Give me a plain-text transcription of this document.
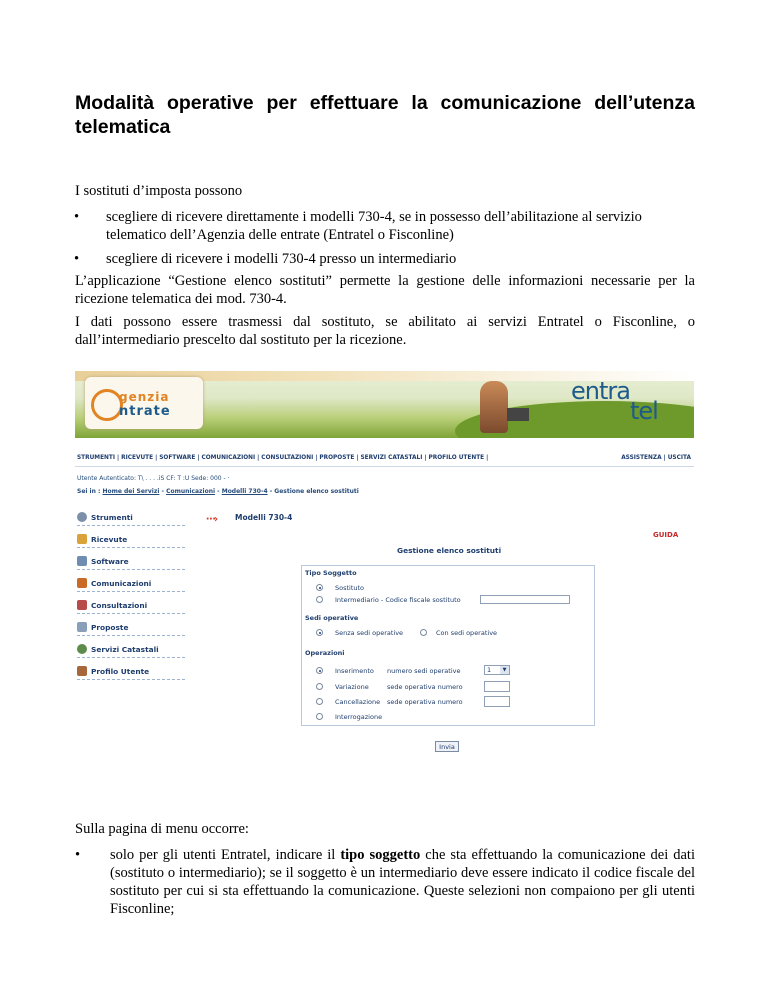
Modalità operative per effettuare la comunicazione dell’utenza telematica
I sostituti d’imposta possono
• scegliere di ricevere direttamente i modelli 730-4, se in possesso dell’abilitazione al servizio telematico dell’Agenzia delle entrate (Entratel o Fisconline)
• scegliere di ricevere i modelli 730-4 presso un intermediario
L’applicazione “Gestione elenco sostituti” permette la gestione delle informazioni necessarie per la ricezione telematica dei mod. 730-4.
I dati possono essere trasmessi dal sostituto, se abilitato ai servizi Entratel o Fisconline, o dall’intermediario prescelto dal sostituto per la ricezione.
genzia
ntrate
entra
tel
STRUMENTI | RICEVUTE | SOFTWARE | COMUNICAZIONI | CONSULTAZIONI | PROPOSTE | SERVIZI CATASTALI | PROFILO UTENTE |	ASSISTENZA | USCITA
Utente Autenticato: T\ . . . .iS CF: T :U Sede: 000 - ·
Sei in : Home dei Servizi - Comunicazioni - Modelli 730-4 - Gestione elenco sostituti
Strumenti
Ricevute
Software
Comunicazioni
Consultazioni
Proposte
Servizi Catastali
Profilo Utente
⋯›	Modelli 730-4
GUIDA
Gestione elenco sostituti
Tipo Soggetto
Sostituto
Intermediario - Codice fiscale sostituto
Sedi operative
Senza sedi operative	Con sedi operative
Operazioni
Inserimento numero sedi operative	1	▼
Variazione	sede operativa numero
Cancellazione sede operativa numero
Interrogazione
Invia
Sulla pagina di menu occorre:
• solo per gli utenti Entratel, indicare il tipo soggetto che sta effettuando la comunicazione dei dati (sostituto o intermediario); se il soggetto è un intermediario deve essere indicato il codice fiscale del sostituto per cui si sta effettuando la comunicazione. Queste selezioni non compaiono per gli utenti Fisconline;
